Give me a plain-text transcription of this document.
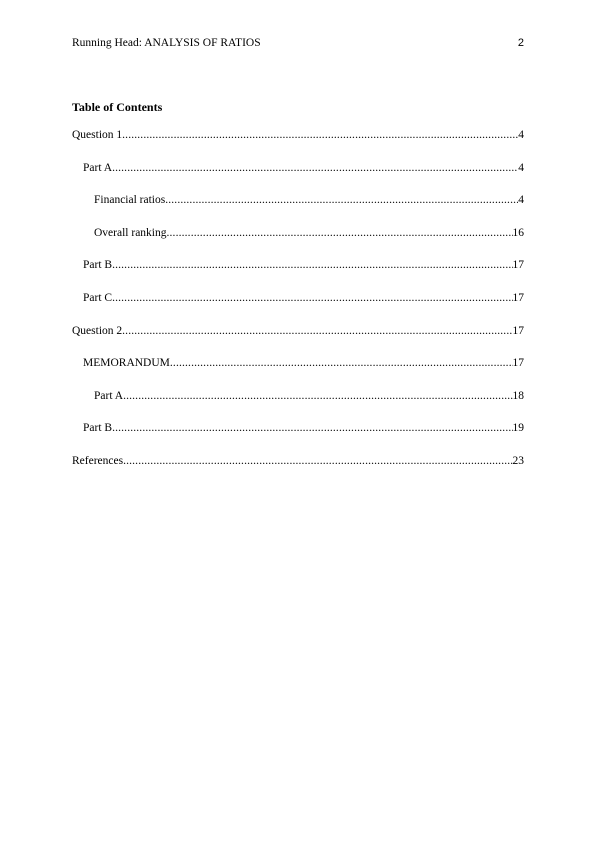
Running Head: ANALYSIS OF RATIOS	2
Table of Contents
Question 1 .....	4
Part A .....	4
Financial ratios .....	4
Overall ranking .....	16
Part B .....	17
Part C .....	17
Question 2 .....	17
MEMORANDUM .....	17
Part A .....	18
Part B .....	19
References .....	23
